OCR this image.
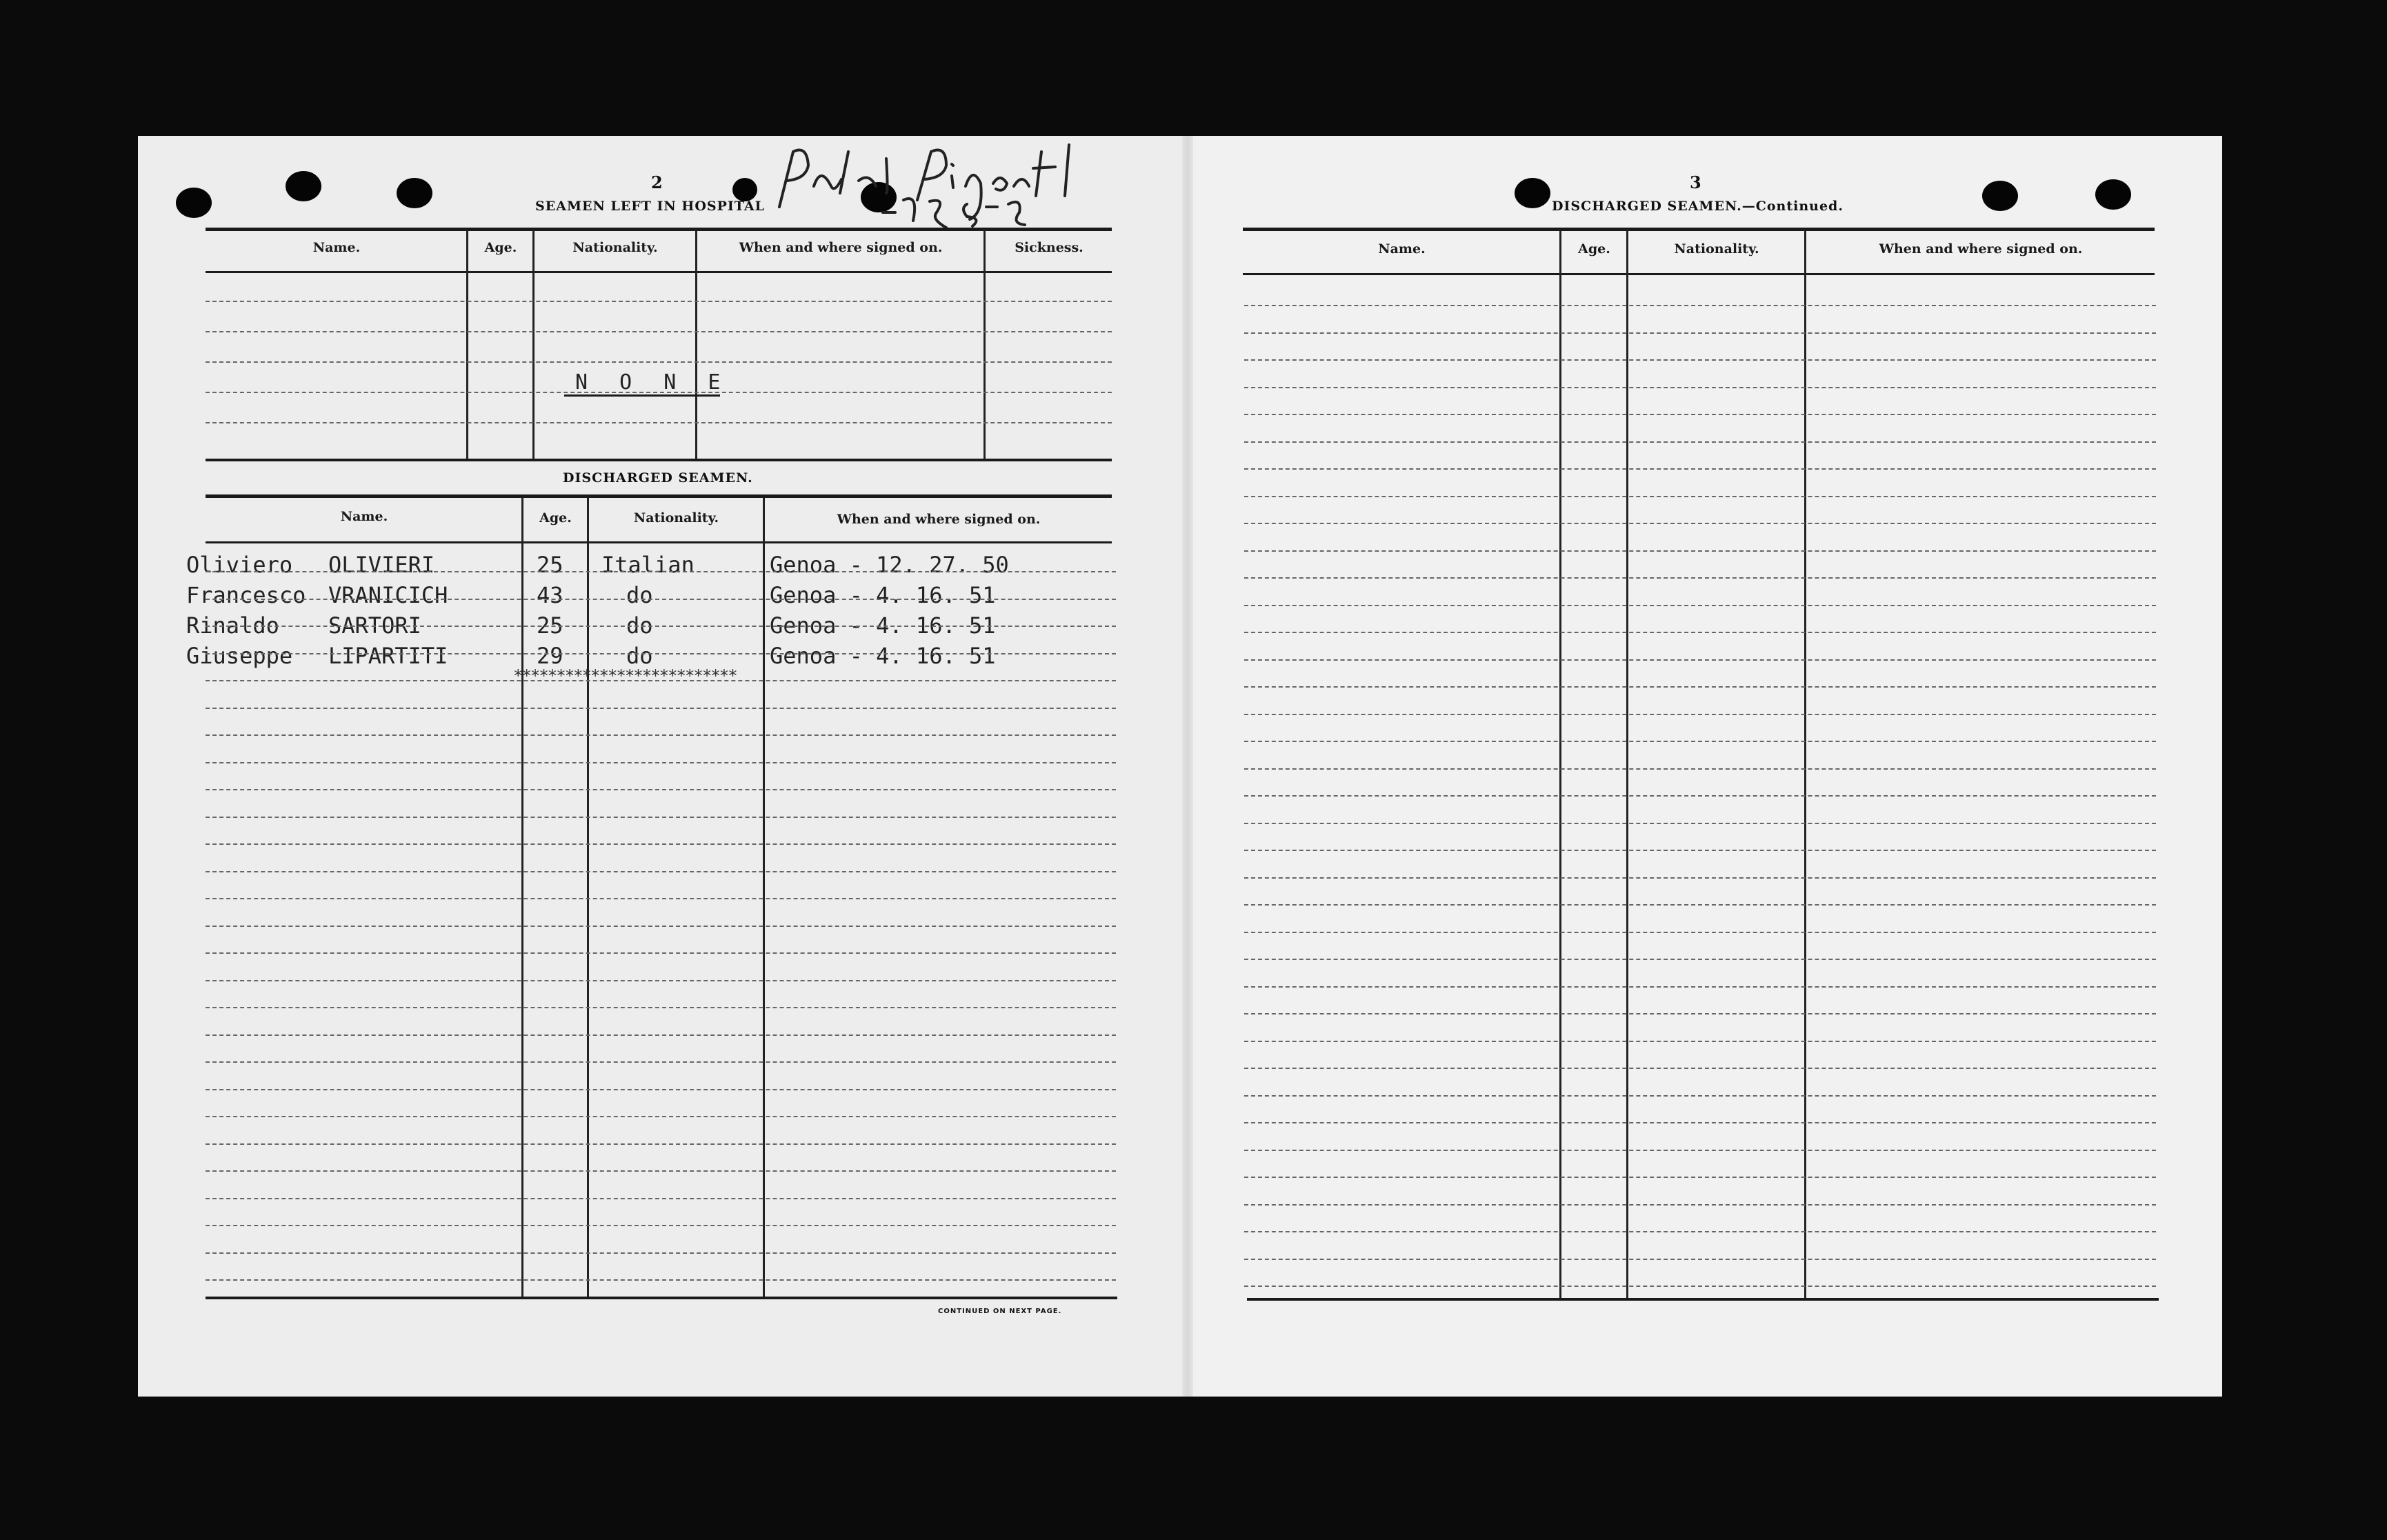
2
SEAMEN LEFT IN HOSPITAL
Name.	Age.	Nationality.	When and where signed on.	Sickness.
N O N E
DISCHARGED SEAMEN.
Name.	Age.	Nationality.	When and where signed on.
Oliviero OLIVIERI	25 Italian	Genoa - 12. 27. 50
Francesco VRANICICH	43	do	Genoa - 4. 16. 51
Rinaldo SARTORI	25	do	Genoa - 4. 16. 51
Giuseppe LIPARTITI	29	do	Genoa - 4. 16. 51
**************************
CONTINUED ON NEXT PAGE.
3
DISCHARGED SEAMEN.—Continued.
Name.	Age.	Nationality.	When and where signed on.
